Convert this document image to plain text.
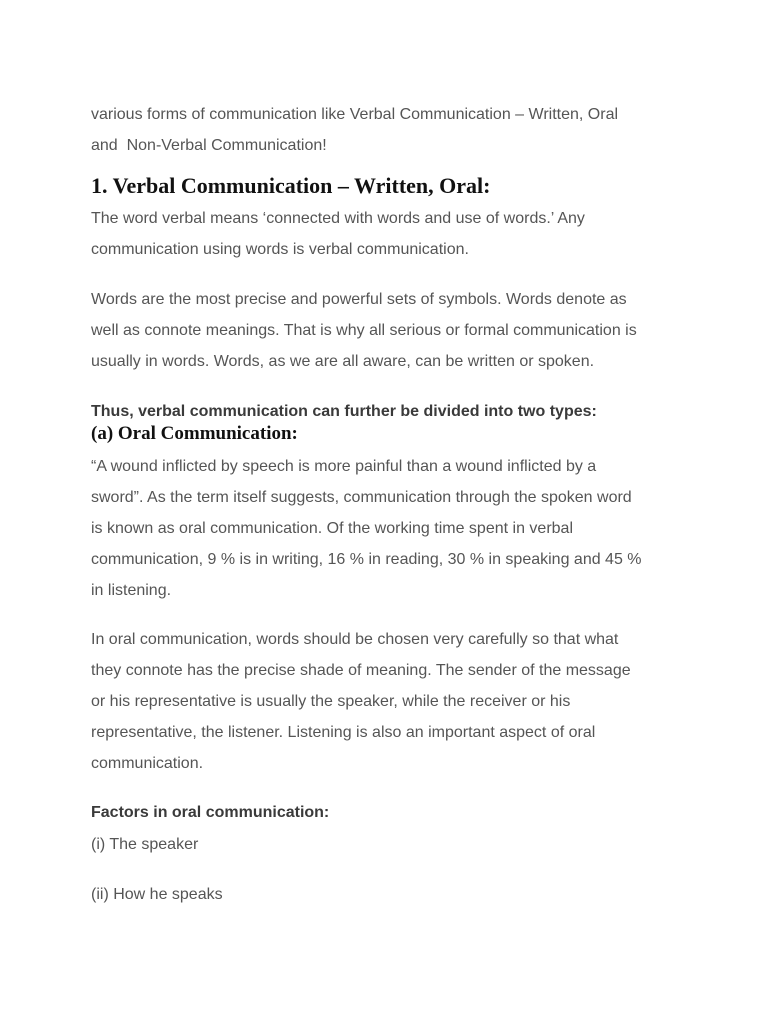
various forms of communication like Verbal Communication – Written, Oral
and  Non-Verbal Communication!

1. Verbal Communication – Written, Oral:

The word verbal means ‘connected with words and use of words.’ Any
communication using words is verbal communication.

Words are the most precise and powerful sets of symbols. Words denote as
well as connote meanings. That is why all serious or formal communication is
usually in words. Words, as we are all aware, can be written or spoken.

Thus, verbal communication can further be divided into two types:

(a) Oral Communication:

“A wound inflicted by speech is more painful than a wound inflicted by a
sword”. As the term itself suggests, communication through the spoken word
is known as oral communication. Of the working time spent in verbal
communication, 9 % is in writing, 16 % in reading, 30 % in speaking and 45 %
in listening.

In oral communication, words should be chosen very carefully so that what
they connote has the precise shade of meaning. The sender of the message
or his representative is usually the speaker, while the receiver or his
representative, the listener. Listening is also an important aspect of oral
communication.

Factors in oral communication:

(i) The speaker

(ii) How he speaks
